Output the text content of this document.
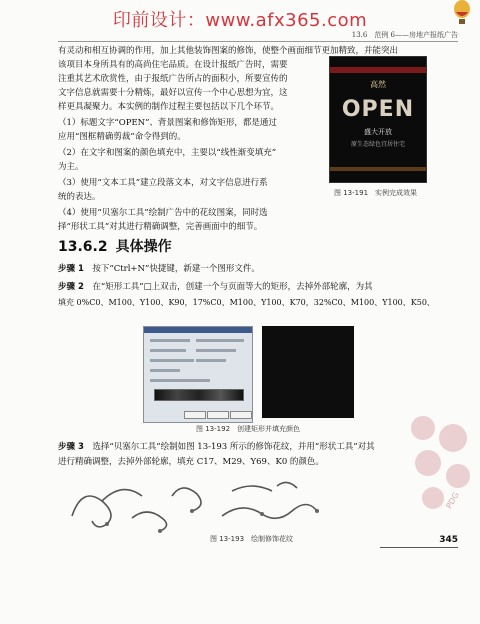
印前设计：www.afx365.com
13.6　范例 6——房地产报纸广告
有灵动和相互协调的作用，加上其他装饰图案的修饰，使整个画面细节更加精致，并能突出
该项目本身所具有的高尚住宅品质。在设计报纸广告时，需要
注重其艺术欣赏性，由于报纸广告所占的面积小，所要宣传的
文字信息就需要十分精炼，最好以宣传一个中心思想为宜，这
样更具凝聚力。本实例的制作过程主要包括以下几个环节。
（1）标题文字“OPEN”、背景图案和修饰矩形，都是通过
应用“图框精确剪裁”命令得到的。
（2）在文字和图案的颜色填充中，主要以“线性渐变填充”
为主。
（3）使用“文本工具”建立段落文本，对文字信息进行系
统的表达。
（4）使用“贝塞尔工具”绘制广告中的花纹图案，同时选
高然
OPEN
盛大开放
原生态绿色宜居住宅
图 13-191　实例完成效果
择“形状工具”对其进行精确调整，完善画面中的细节。
13.6.2 具体操作
步骤 1　 按下“Ctrl+N”快捷键，新建一个图形文件。
步骤 2　 在“矩形工具”□上双击，创建一个与页面等大的矩形，去掉外部轮廓，为其
填充 0%C0、M100、Y100、K90，17%C0、M100、Y100、K70，32%C0、M100、Y100、K50、
图 13-192　创建矩形并填充颜色
步骤 3　 选择“贝塞尔工具”绘制如图 13-193 所示的修饰花纹，并用“形状工具”对其
进行精确调整，去掉外部轮廓，填充 C17、M29、Y69、K0 的颜色。
图 13-193　绘制修饰花纹	345
PDG
